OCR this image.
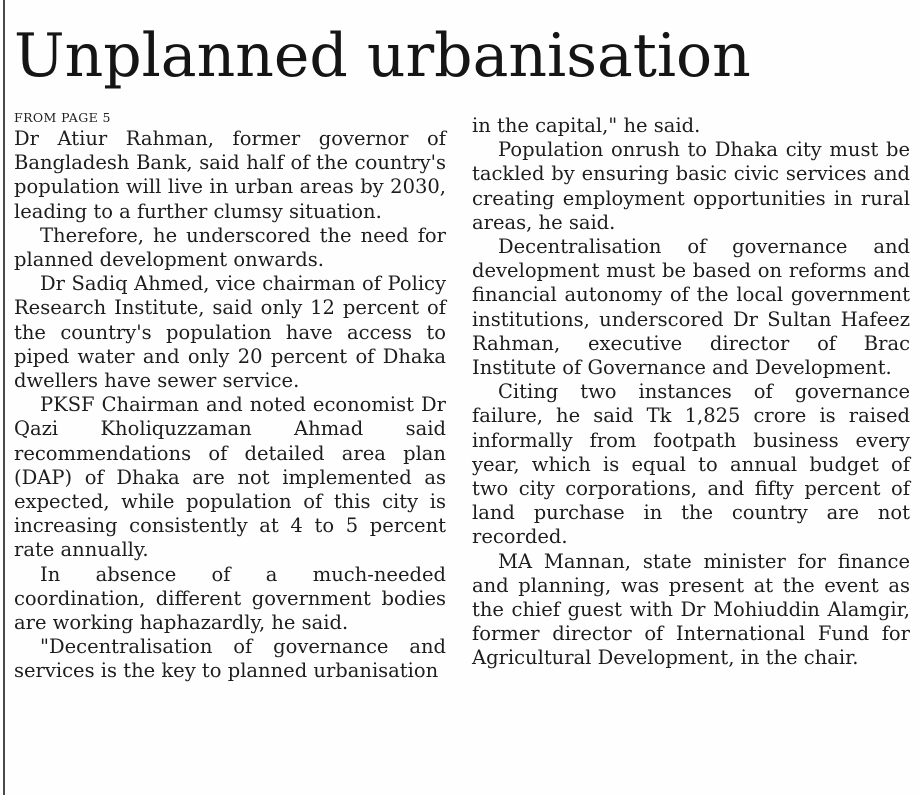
Unplanned urbanisation
FROM PAGE 5

Dr Atiur Rahman, former governor of Bangladesh Bank, said half of the country's population will live in urban areas by 2030, leading to a further clumsy situation.

Therefore, he underscored the need for planned development onwards.

Dr Sadiq Ahmed, vice chairman of Policy Research Institute, said only 12 percent of the country's population have access to piped water and only 20 percent of Dhaka dwellers have sewer service.

PKSF Chairman and noted economist Dr Qazi Kholiquzzaman Ahmad said recommendations of detailed area plan (DAP) of Dhaka are not implemented as expected, while population of this city is increasing consistently at 4 to 5 percent rate annually.

In absence of a much-needed coordination, different government bodies are working haphazardly, he said.

"Decentralisation of governance and services is the key to planned urbanisation

in the capital," he said.

Population onrush to Dhaka city must be tackled by ensuring basic civic services and creating employment opportunities in rural areas, he said.

Decentralisation of governance and development must be based on reforms and financial autonomy of the local government institutions, underscored Dr Sultan Hafeez Rahman, executive director of Brac Institute of Governance and Development.

Citing two instances of governance failure, he said Tk 1,825 crore is raised informally from footpath business every year, which is equal to annual budget of two city corporations, and fifty percent of land purchase in the country are not recorded.

MA Mannan, state minister for finance and planning, was present at the event as the chief guest with Dr Mohiuddin Alamgir, former director of International Fund for Agricultural Development, in the chair.
